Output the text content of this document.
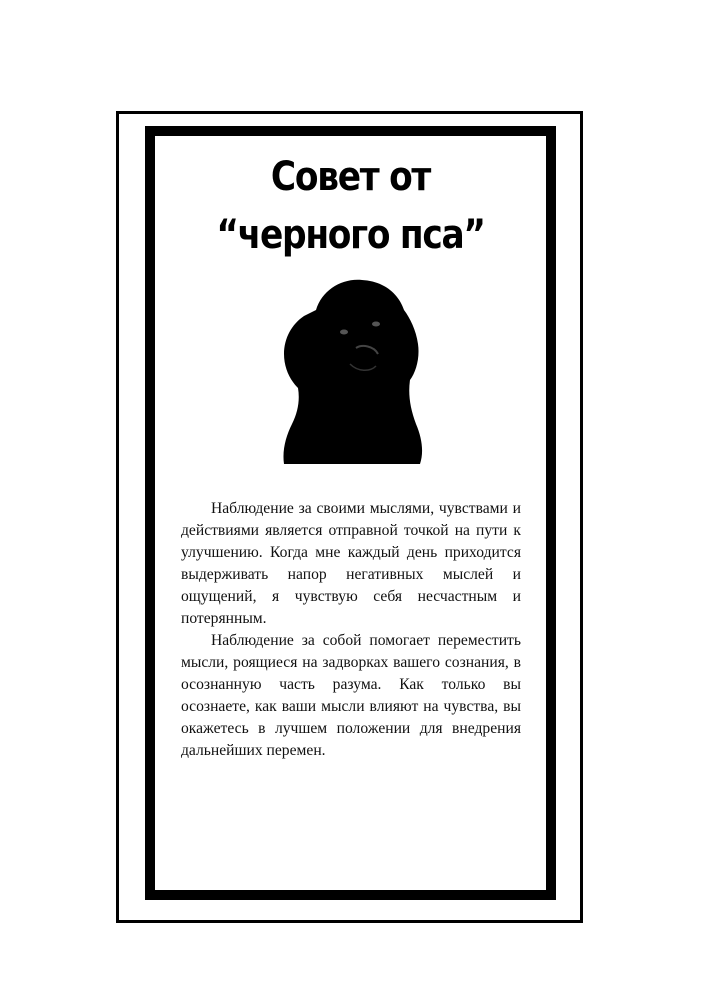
Совет от
“черного пса”

Наблюдение за своими мыслями, чувствами и действиями является отправной точкой на пути к улучшению. Когда мне каждый день приходится выдерживать напор негативных мыслей и ощущений, я чувствую себя несчастным и потерянным.

Наблюдение за собой помогает переместить мысли, роящиеся на задворках вашего сознания, в осознанную часть разума. Как только вы осознаете, как ваши мысли влияют на чувства, вы окажетесь в лучшем положении для внедрения дальнейших перемен.
